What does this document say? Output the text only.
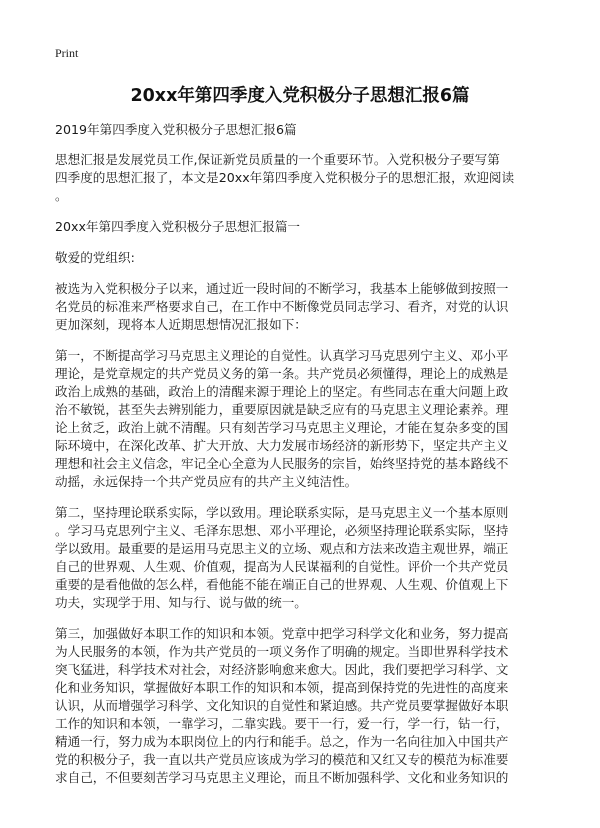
Print
20xx年第四季度入党积极分子思想汇报6篇
2019年第四季度入党积极分子思想汇报6篇
思想汇报是发展党员工作,保证新党员质量的一个重要环节。入党积极分子要写第
四季度的思想汇报了，本文是20xx年第四季度入党积极分子的思想汇报，欢迎阅读
。
20xx年第四季度入党积极分子思想汇报篇一
敬爱的党组织:
被选为入党积极分子以来，通过近一段时间的不断学习，我基本上能够做到按照一
名党员的标准来严格要求自己，在工作中不断像党员同志学习、看齐，对党的认识
更加深刻，现将本人近期思想情况汇报如下：
第一，不断提高学习马克思主义理论的自觉性。认真学习马克思列宁主义、邓小平
理论，是党章规定的共产党员义务的第一条。共产党员必须懂得，理论上的成熟是
政治上成熟的基础，政治上的清醒来源于理论上的坚定。有些同志在重大问题上政
治不敏锐，甚至失去辨别能力，重要原因就是缺乏应有的马克思主义理论素养。理
论上贫乏，政治上就不清醒。只有刻苦学习马克思主义理论，才能在复杂多变的国
际环境中，在深化改革、扩大开放、大力发展市场经济的新形势下，坚定共产主义
理想和社会主义信念，牢记全心全意为人民服务的宗旨，始终坚持党的基本路线不
动摇，永远保持一个共产党员应有的共产主义纯洁性。
第二，坚持理论联系实际，学以致用。理论联系实际，是马克思主义一个基本原则
。学习马克思列宁主义、毛泽东思想、邓小平理论，必须坚持理论联系实际，坚持
学以致用。最重要的是运用马克思主义的立场、观点和方法来改造主观世界，端正
自己的世界观、人生观、价值观，提高为人民谋福利的自觉性。评价一个共产党员
重要的是看他做的怎么样，看他能不能在端正自己的世界观、人生观、价值观上下
功夫，实现学于用、知与行、说与做的统一。
第三，加强做好本职工作的知识和本领。党章中把学习科学文化和业务，努力提高
为人民服务的本领，作为共产党员的一项义务作了明确的规定。当即世界科学技术
突飞猛进，科学技术对社会，对经济影响愈来愈大。因此，我们要把学习科学、文
化和业务知识，掌握做好本职工作的知识和本领，提高到保持党的先进性的高度来
认识，从而增强学习科学、文化知识的自觉性和紧迫感。共产党员要掌握做好本职
工作的知识和本领，一靠学习，二靠实践。要干一行，爱一行，学一行，钻一行，
精通一行，努力成为本职岗位上的内行和能手。总之，作为一名向往加入中国共产
党的积极分子，我一直以共产党员应该成为学习的模范和又红又专的模范为标准要
求自己，不但要刻苦学习马克思主义理论，而且不断加强科学、文化和业务知识的
